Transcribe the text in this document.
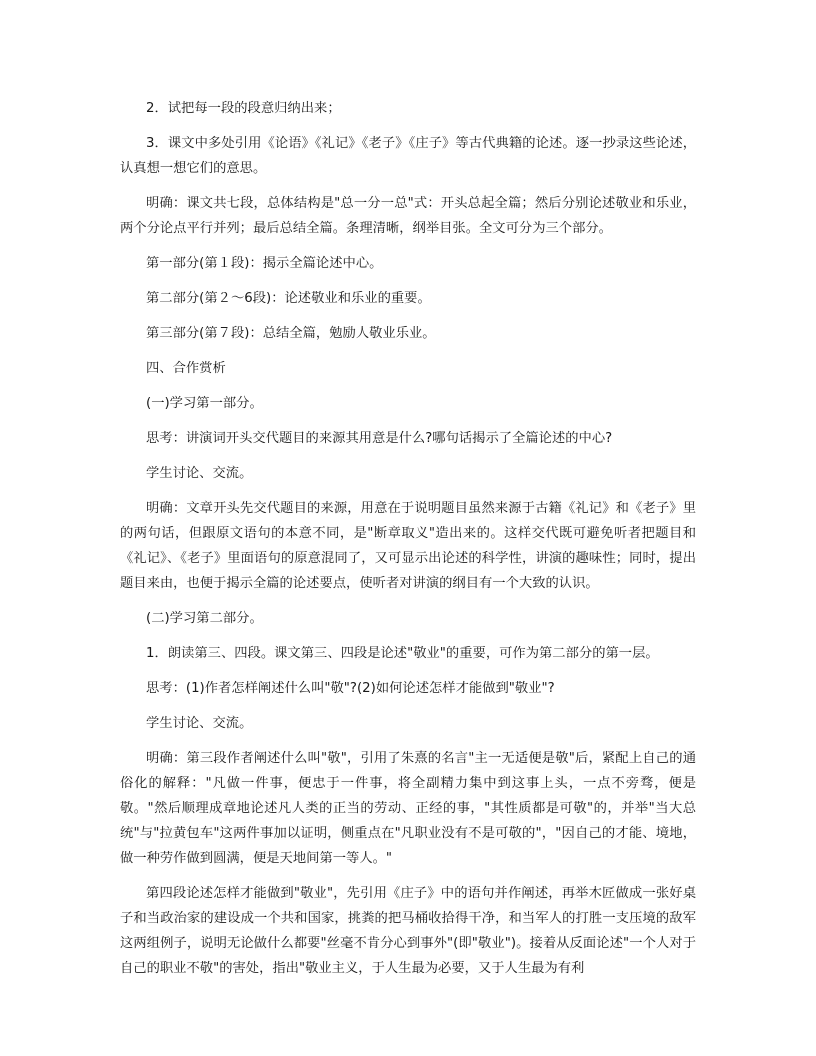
2．试把每一段的段意归纳出来；

3．课文中多处引用《论语》《礼记》《老子》《庄子》等古代典籍的论述。逐一抄录这些论述，认真想一想它们的意思。

明确：课文共七段，总体结构是"总一分一总"式：开头总起全篇；然后分别论述敬业和乐业，两个分论点平行并列；最后总结全篇。条理清晰，纲举目张。全文可分为三个部分。

第一部分(第１段)：揭示全篇论述中心。

第二部分(第２～6段)：论述敬业和乐业的重要。

第三部分(第７段)：总结全篇，勉励人敬业乐业。

四、合作赏析

(一)学习第一部分。

思考：讲演词开头交代题目的来源其用意是什么?哪句话揭示了全篇论述的中心?

学生讨论、交流。

明确：文章开头先交代题目的来源，用意在于说明题目虽然来源于古籍《礼记》和《老子》里的两句话，但跟原文语句的本意不同，是"断章取义"造出来的。这样交代既可避免听者把题目和《礼记》、《老子》里面语句的原意混同了，又可显示出论述的科学性，讲演的趣味性；同时，提出题目来由，也便于揭示全篇的论述要点，使听者对讲演的纲目有一个大致的认识。

(二)学习第二部分。

1．朗读第三、四段。课文第三、四段是论述"敬业"的重要，可作为第二部分的第一层。

思考：(1)作者怎样阐述什么叫"敬"?(2)如何论述怎样才能做到"敬业"?

学生讨论、交流。

明确：第三段作者阐述什么叫"敬"，引用了朱熹的名言"主一无适便是敬"后，紧配上自己的通俗化的解释："凡做一件事，便忠于一件事，将全副精力集中到这事上头，一点不旁骛，便是敬。"然后顺理成章地论述凡人类的正当的劳动、正经的事，"其性质都是可敬"的，并举"当大总统"与"拉黄包车"这两件事加以证明，侧重点在"凡职业没有不是可敬的"，"因自己的才能、境地，做一种劳作做到圆满，便是天地间第一等人。"

第四段论述怎样才能做到"敬业"，先引用《庄子》中的语句并作阐述，再举木匠做成一张好桌子和当政治家的建设成一个共和国家，挑粪的把马桶收拾得干净，和当军人的打胜一支压境的敌军这两组例子，说明无论做什么都要"丝毫不肯分心到事外"(即"敬业")。接着从反面论述"一个人对于自己的职业不敬"的害处，指出"敬业主义，于人生最为必要，又于人生最为有利
